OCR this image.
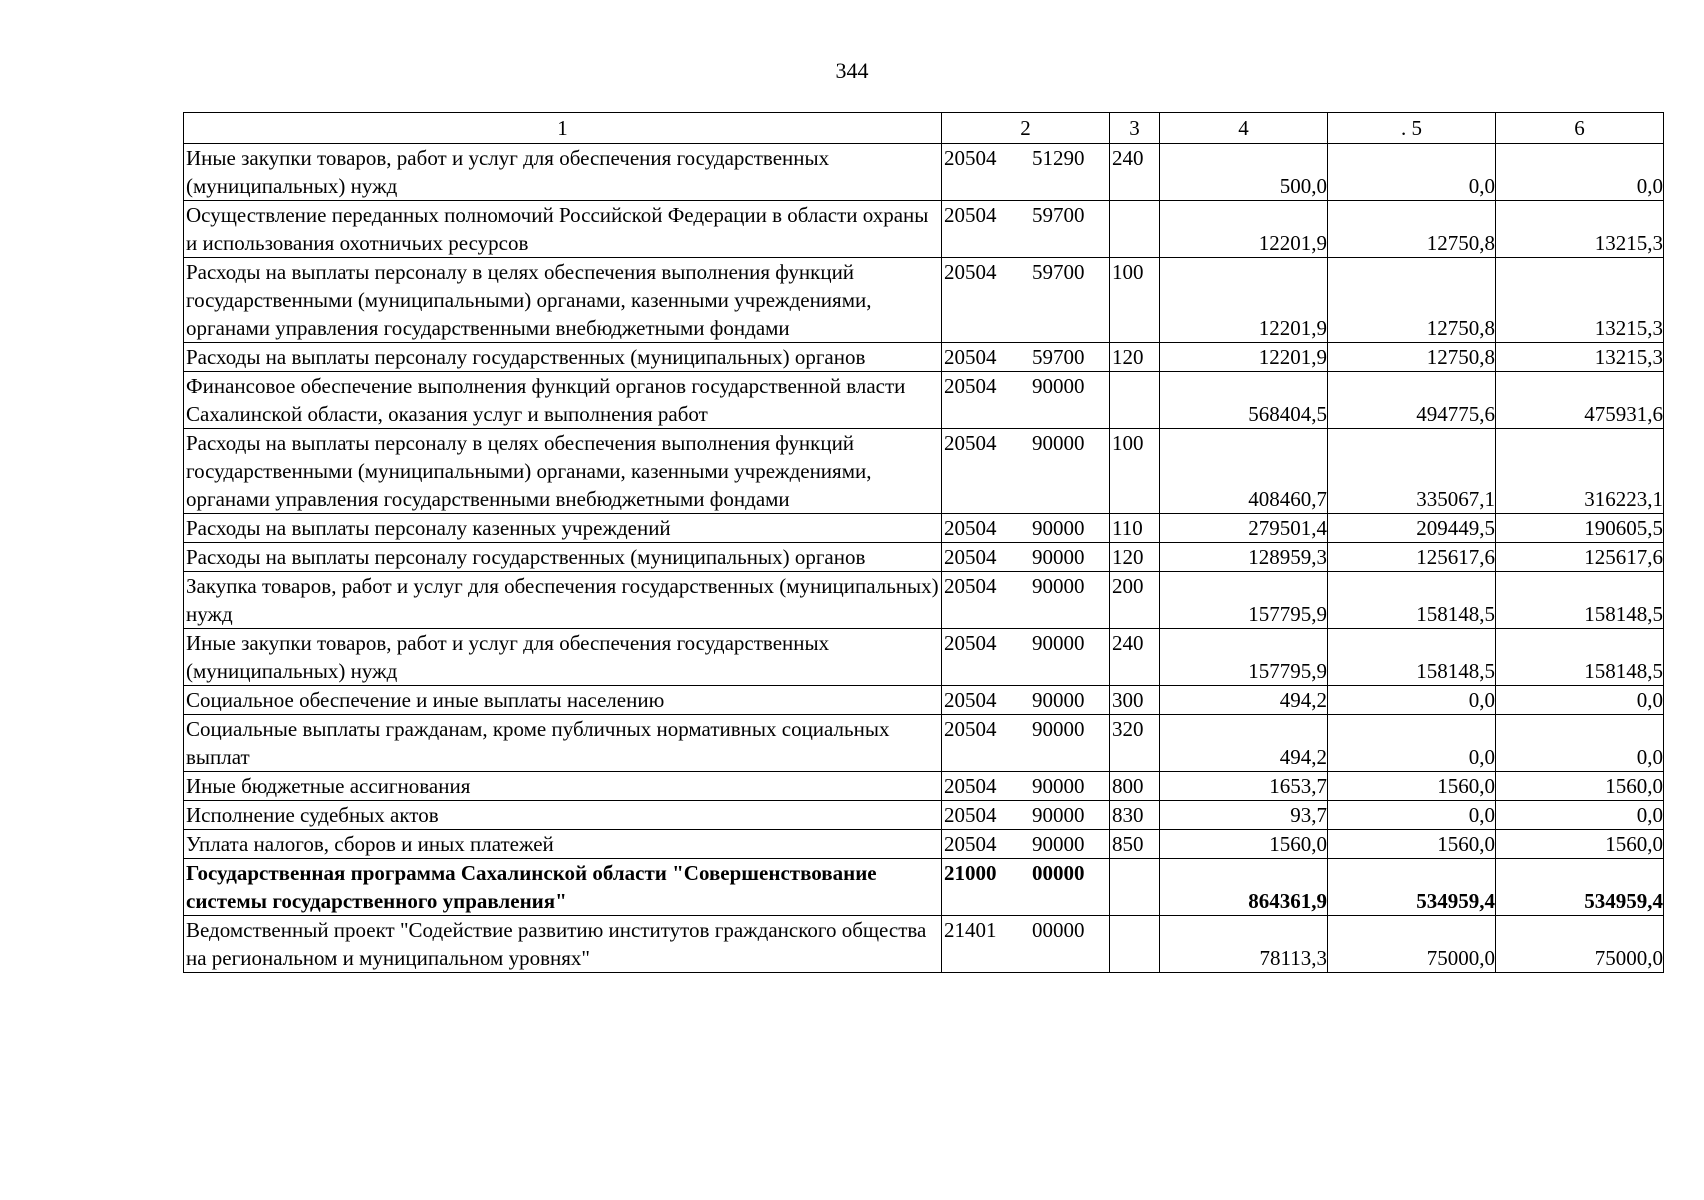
344
1	2	3	4	. 5	6
Иные закупки товаров, работ и услуг для обеспечения государственных (муниципальных) нужд	20504 51290	240	500,0	0,0	0,0
Осуществление переданных полномочий Российской Федерации в области охраны и использования охотничьих ресурсов	20504 59700		12201,9	12750,8	13215,3
Расходы на выплаты персоналу в целях обеспечения выполнения функций государственными (муниципальными) органами, казенными учреждениями, органами управления государственными внебюджетными фондами	20504 59700	100	12201,9	12750,8	13215,3
Расходы на выплаты персоналу государственных (муниципальных) органов	20504 59700	120	12201,9	12750,8	13215,3
Финансовое обеспечение выполнения функций органов государственной власти Сахалинской области, оказания услуг и выполнения работ	20504 90000		568404,5	494775,6	475931,6
Расходы на выплаты персоналу в целях обеспечения выполнения функций государственными (муниципальными) органами, казенными учреждениями, органами управления государственными внебюджетными фондами	20504 90000	100	408460,7	335067,1	316223,1
Расходы на выплаты персоналу казенных учреждений	20504 90000	110	279501,4	209449,5	190605,5
Расходы на выплаты персоналу государственных (муниципальных) органов	20504 90000	120	128959,3	125617,6	125617,6
Закупка товаров, работ и услуг для обеспечения государственных (муниципальных) нужд	20504 90000	200	157795,9	158148,5	158148,5
Иные закупки товаров, работ и услуг для обеспечения государственных (муниципальных) нужд	20504 90000	240	157795,9	158148,5	158148,5
Социальное обеспечение и иные выплаты населению	20504 90000	300	494,2	0,0	0,0
Социальные выплаты гражданам, кроме публичных нормативных социальных выплат	20504 90000	320	494,2	0,0	0,0
Иные бюджетные ассигнования	20504 90000	800	1653,7	1560,0	1560,0
Исполнение судебных актов	20504 90000	830	93,7	0,0	0,0
Уплата налогов, сборов и иных платежей	20504 90000	850	1560,0	1560,0	1560,0
Государственная программа Сахалинской области "Совершенствование системы государственного управления"	21000 00000		864361,9	534959,4	534959,4
Ведомственный проект "Содействие развитию институтов гражданского общества на региональном и муниципальном уровнях"	21401 00000		78113,3	75000,0	75000,0
